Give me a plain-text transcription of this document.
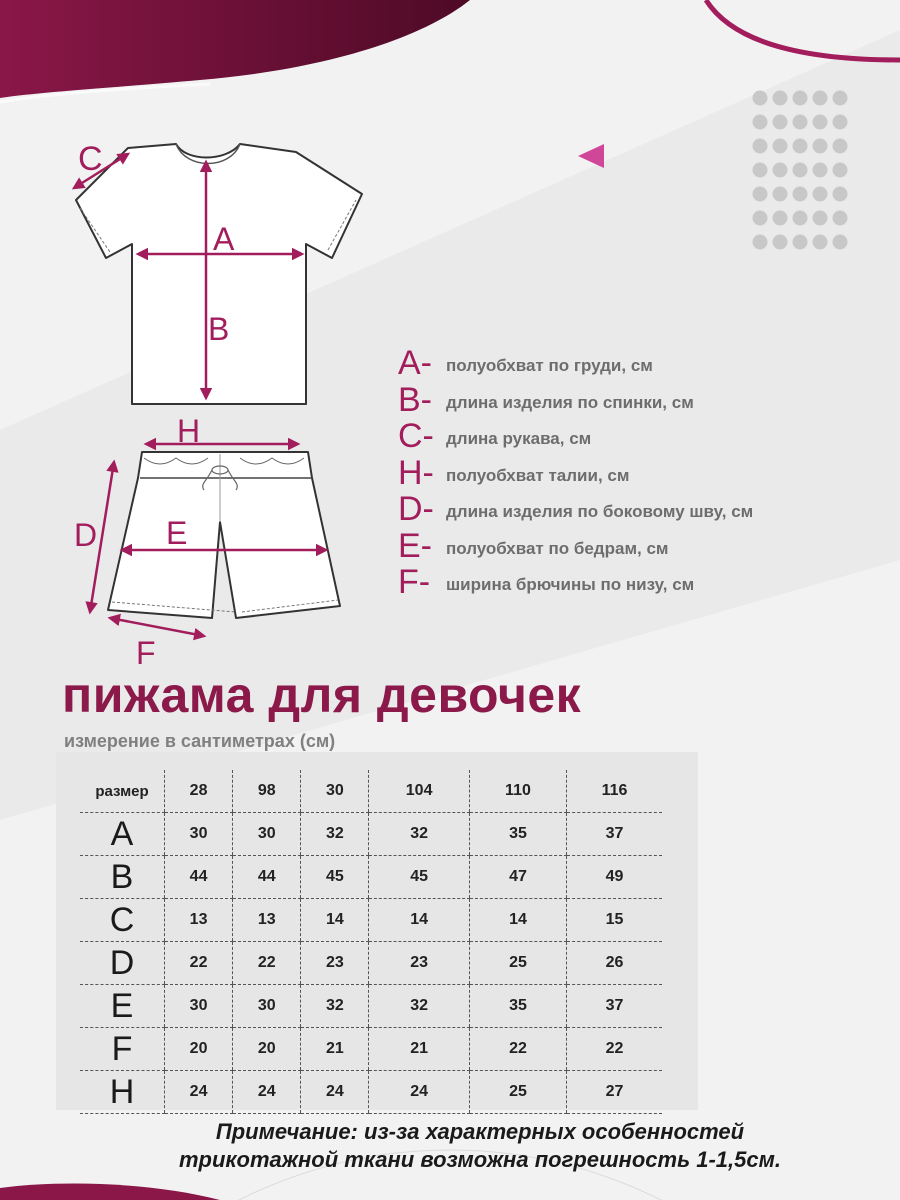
C
A
B
H
D E
F
A- полуобхват по груди, см
B- длина изделия по спинки, см
C- длина рукава, см
H- полуобхват талии, см
D- длина изделия по боковому шву, см
E- полуобхват по бедрам, см
F- ширина брючины по низу, см
пижама для девочек
измерение в сантиметрах (см)
размер	28	98	30	104	110	116
A	30	30	32	32	35	37
B	44	44	45	45	47	49
C	13	13	14	14	14	15
D	22	22	23	23	25	26
E	30	30	32	32	35	37
F	20	20	21	21	22	22
H	24	24	24	24	25	27
Примечание: из-за характерных особенностей
трикотажной ткани возможна погрешность 1-1,5см.
